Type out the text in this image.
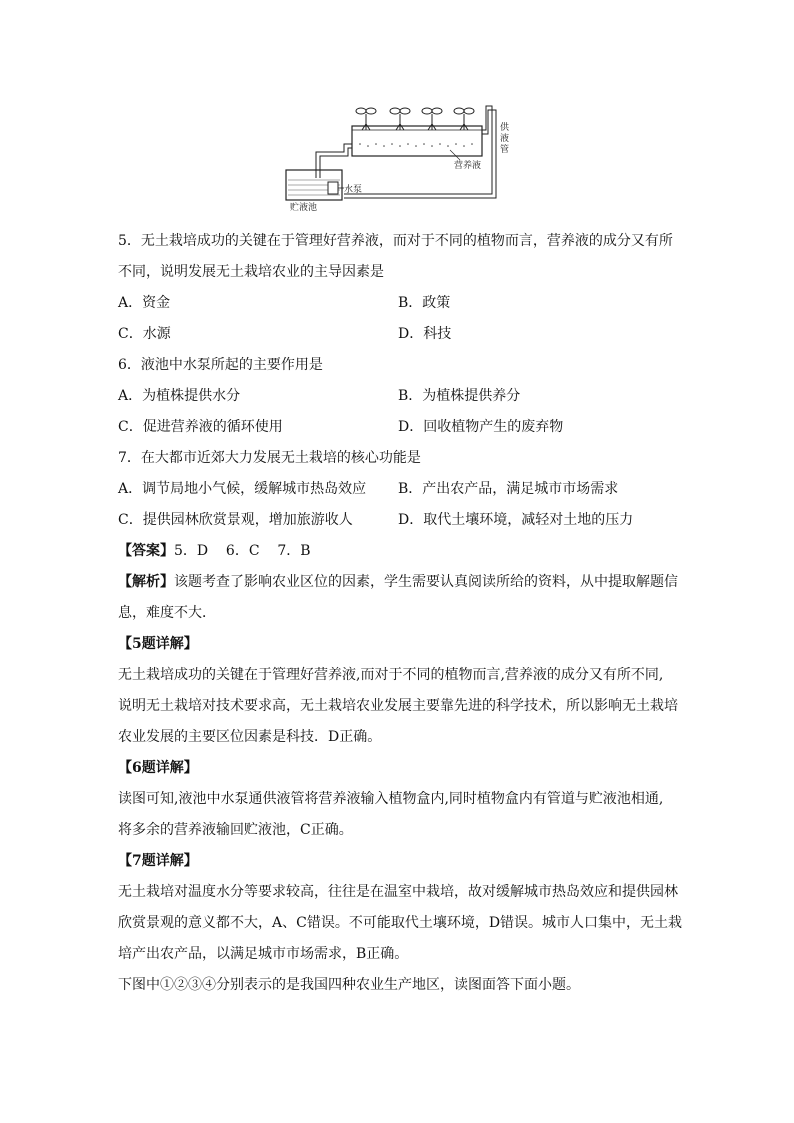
营养液
水泵
贮液池
供液管
5．无土栽培成功的关键在于管理好营养液，而对于不同的植物而言，营养液的成分又有所
不同，说明发展无土栽培农业的主导因素是
A．资金	B．政策
C．水源	D．科技
6．液池中水泵所起的主要作用是
A．为植株提供水分	B．为植株提供养分
C．促进营养液的循环使用	D．回收植物产生的废弃物
7．在大都市近郊大力发展无土栽培的核心功能是
A．调节局地小气候，缓解城市热岛效应	B．产出农产品，满足城市市场需求
C．提供园林欣赏景观，增加旅游收人	D．取代土壤环境，减轻对土地的压力
【答案】5．D    6．C    7．B
【解析】该题考查了影响农业区位的因素，学生需要认真阅读所给的资料，从中提取解题信
息，难度不大．
【5题详解】
无土栽培成功的关键在于管理好营养液,而对于不同的植物而言,营养液的成分又有所不同,
说明无土栽培对技术要求高，无土栽培农业发展主要靠先进的科学技术，所以影响无土栽培
农业发展的主要区位因素是科技．D正确。
【6题详解】
读图可知,液池中水泵通供液管将营养液输入植物盒内,同时植物盒内有管道与贮液池相通,
将多余的营养液输回贮液池，C正确。
【7题详解】
无土栽培对温度水分等要求较高，往往是在温室中栽培，故对缓解城市热岛效应和提供园林
欣赏景观的意义都不大，A、C错误。不可能取代土壤环境，D错误。城市人口集中，无土栽
培产出农产品，以满足城市市场需求，B正确。
下图中①②③④分别表示的是我国四种农业生产地区，读图面答下面小题。
